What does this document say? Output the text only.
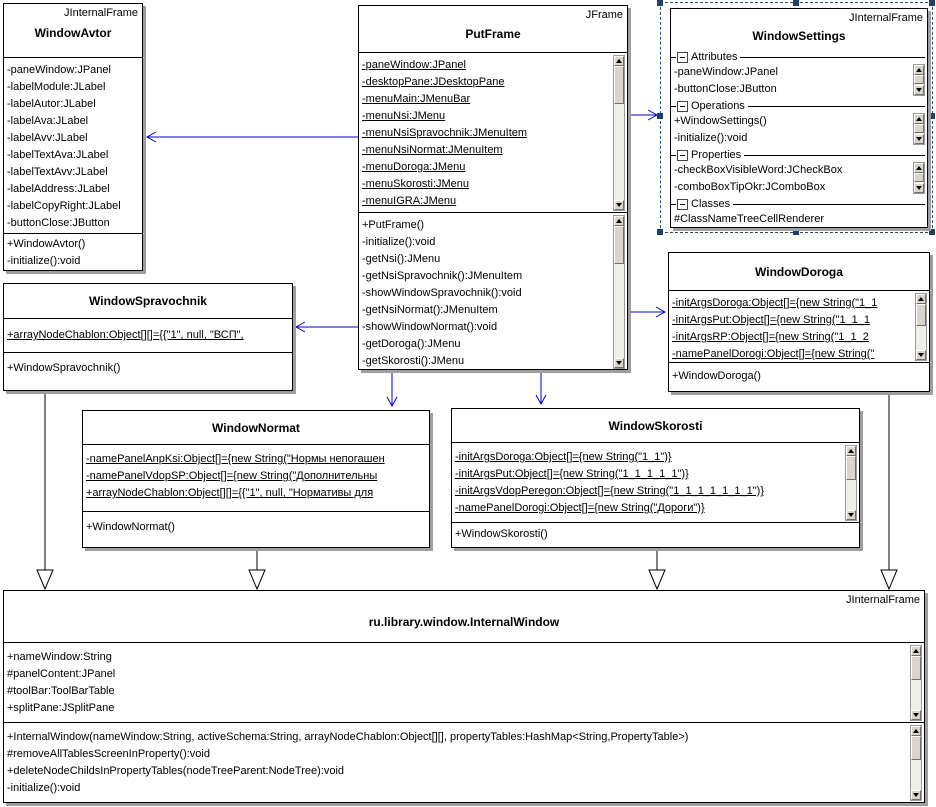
JInternalFrame
WindowAvtor
-paneWindow:JPanel
-labelModule:JLabel
-labelAutor:JLabel
-labelAva:JLabel
-labelAvv:JLabel
-labelTextAva:JLabel
-labelTextAvv:JLabel
-labelAddress:JLabel
-labelCopyRight:JLabel
-buttonClose:JButton
+WindowAvtor()
-initialize():void
JFrame
PutFrame
-paneWindow:JPanel
-desktopPane:JDesktopPane
-menuMain:JMenuBar
-menuNsi:JMenu
-menuNsiSpravochnik:JMenuItem
-menuNsiNormat:JMenuItem
-menuDoroga:JMenu
-menuSkorosti:JMenu
-menuIGRA:JMenu
+PutFrame()
-initialize():void
-getNsi():JMenu
-getNsiSpravochnik():JMenuItem
-showWindowSpravochnik():void
-getNsiNormat():JMenuItem
-showWindowNormat():void
-getDoroga():JMenu
-getSkorosti():JMenu
JInternalFrame
WindowSettings
Attributes
-paneWindow:JPanel
-buttonClose:JButton
Operations
+WindowSettings()
-initialize():void
Properties
-checkBoxVisibleWord:JCheckBox
-comboBoxTipOkr:JComboBox
Classes
#ClassNameTreeCellRenderer
WindowSpravochnik
+arrayNodeChablon:Object[][]={{"1", null, "ВСП",
+WindowSpravochnik()
WindowDoroga
-initArgsDoroga:Object[]={new String("1_1
-initArgsPut:Object[]={new String("1_1_1
-initArgsRP:Object[]={new String("1_1_2
-namePanelDorogi:Object[]={new String("
+WindowDoroga()
WindowNormat
-namePanelAnpKsi:Object[]={new String("Нормы непогашен
-namePanelVdopSP:Object[]={new String("Дополнительны
+arrayNodeChablon:Object[][]={{"1", null, "Нормативы для
+WindowNormat()
WindowSkorosti
-initArgsDoroga:Object[]={new String("1_1")}
-initArgsPut:Object[]={new String("1_1_1_1_1")}
-initArgsVdopPeregon:Object[]={new String("1_1_1_1_1_1_1")}
-namePanelDorogi:Object[]={new String("Дороги")}
+WindowSkorosti()
JInternalFrame
ru.library.window.InternalWindow
+nameWindow:String
#panelContent:JPanel
#toolBar:ToolBarTable
+splitPane:JSplitPane
+InternalWindow(nameWindow:String, activeSchema:String, arrayNodeChablon:Object[][], propertyTables:HashMap<String,PropertyTable>)
#removeAllTablesScreenInProperty():void
+deleteNodeChildsInPropertyTables(nodeTreeParent:NodeTree):void
-initialize():void
